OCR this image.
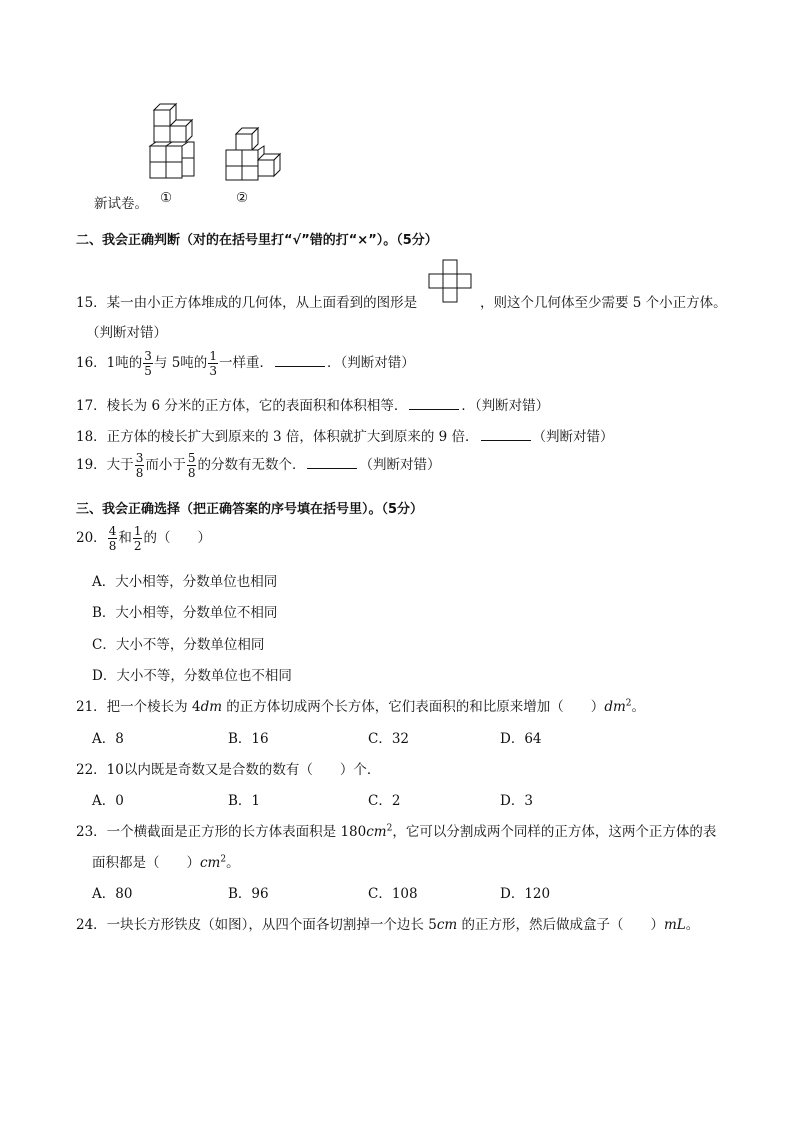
①	②
新试卷。
二、我会正确判断（对的在括号里打“√”错的打“×”）。（5分）
15．某一由小正方体堆成的几何体，从上面看到的图形是	，则这个几何体至少需要 5 个小正方体。
（判断对错）
16．1吨的 $\frac{3}{5}$ 与 5吨的 $\frac{1}{3}$ 一样重．	．（判断对错）
17．棱长为 6 分米的正方体，它的表面积和体积相等．	．（判断对错）
18．正方体的棱长扩大到原来的 3 倍，体积就扩大到原来的 9 倍．	（判断对错）
19．大于 $\frac{3}{8}$ 而小于 $\frac{5}{8}$ 的分数有无数个．	（判断对错）
三、我会正确选择（把正确答案的序号填在括号里）。（5分）
20． $\frac{4}{8}$ 和 $\frac{1}{2}$ 的（　　）
A．大小相等，分数单位也相同
B．大小相等，分数单位不相同
C．大小不等，分数单位相同
D．大小不等，分数单位也不相同
21．把一个棱长为 4dm 的正方体切成两个长方体，它们表面积的和比原来增加（　　）$dm^2$。
A．8	B．16	C．32	D．64
22．10以内既是奇数又是合数的数有（　　）个．
A．0	B．1	C．2	D．3
23．一个横截面是正方形的长方体表面积是 $180cm^2$，它可以分割成两个同样的正方体，这两个正方体的表
面积都是（　　）$cm^2$。
A．80	B．96	C．108	D．120
24．一块长方形铁皮（如图），从四个面各切割掉一个边长 5cm 的正方形，然后做成盒子（　　）mL。
